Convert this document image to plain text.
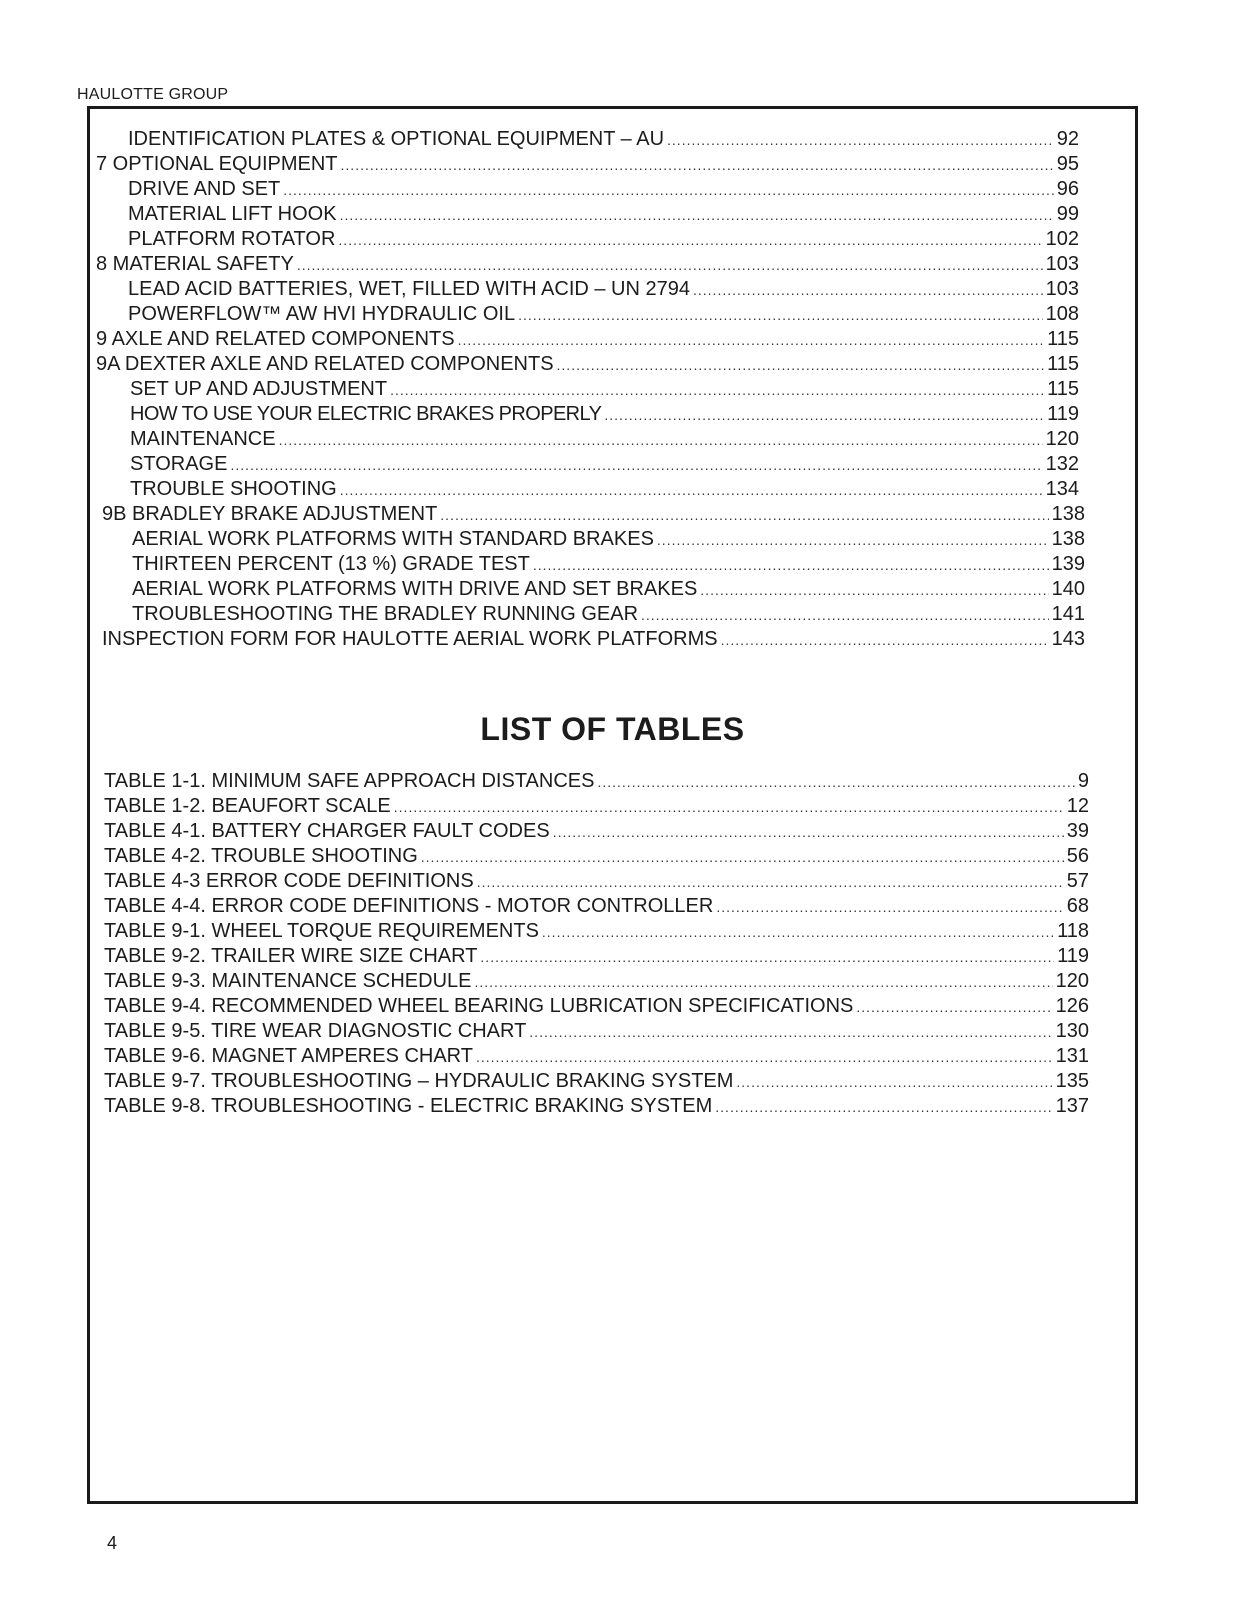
HAULOTTE GROUP
IDENTIFICATION PLATES & OPTIONAL EQUIPMENT – AU .....	92
7 OPTIONAL EQUIPMENT .....	95
DRIVE AND SET .....	96
MATERIAL LIFT HOOK .....	99
PLATFORM ROTATOR .....	102
8 MATERIAL SAFETY .....	103
LEAD ACID BATTERIES, WET, FILLED WITH ACID – UN 2794 .....	103
POWERFLOW™ AW HVI HYDRAULIC OIL .....	108
9 AXLE AND RELATED COMPONENTS .....	115
9A DEXTER AXLE AND RELATED COMPONENTS .....	115
SET UP AND ADJUSTMENT .....	115
HOW TO USE YOUR ELECTRIC BRAKES PROPERLY .....	119
MAINTENANCE .....	120
STORAGE .....	132
TROUBLE SHOOTING .....	134
9B BRADLEY BRAKE ADJUSTMENT .....	138
AERIAL WORK PLATFORMS WITH STANDARD BRAKES .....	138
THIRTEEN PERCENT (13 %) GRADE TEST .....	139
AERIAL WORK PLATFORMS WITH DRIVE AND SET BRAKES .....	140
TROUBLESHOOTING THE BRADLEY RUNNING GEAR .....	141
INSPECTION FORM FOR HAULOTTE AERIAL WORK PLATFORMS .....	143
LIST OF TABLES
TABLE 1-1. MINIMUM SAFE APPROACH DISTANCES .....	9
TABLE 1-2. BEAUFORT SCALE .....	12
TABLE 4-1. BATTERY CHARGER FAULT CODES .....	39
TABLE 4-2. TROUBLE SHOOTING .....	56
TABLE 4-3 ERROR CODE DEFINITIONS .....	57
TABLE 4-4. ERROR CODE DEFINITIONS - MOTOR CONTROLLER .....	68
TABLE 9-1. WHEEL TORQUE REQUIREMENTS .....	118
TABLE 9-2. TRAILER WIRE SIZE CHART .....	119
TABLE 9-3. MAINTENANCE SCHEDULE .....	120
TABLE 9-4. RECOMMENDED WHEEL BEARING LUBRICATION SPECIFICATIONS .....	126
TABLE 9-5. TIRE WEAR DIAGNOSTIC CHART .....	130
TABLE 9-6. MAGNET AMPERES CHART .....	131
TABLE 9-7. TROUBLESHOOTING – HYDRAULIC BRAKING SYSTEM .....	135
TABLE 9-8. TROUBLESHOOTING - ELECTRIC BRAKING SYSTEM .....	137
4
